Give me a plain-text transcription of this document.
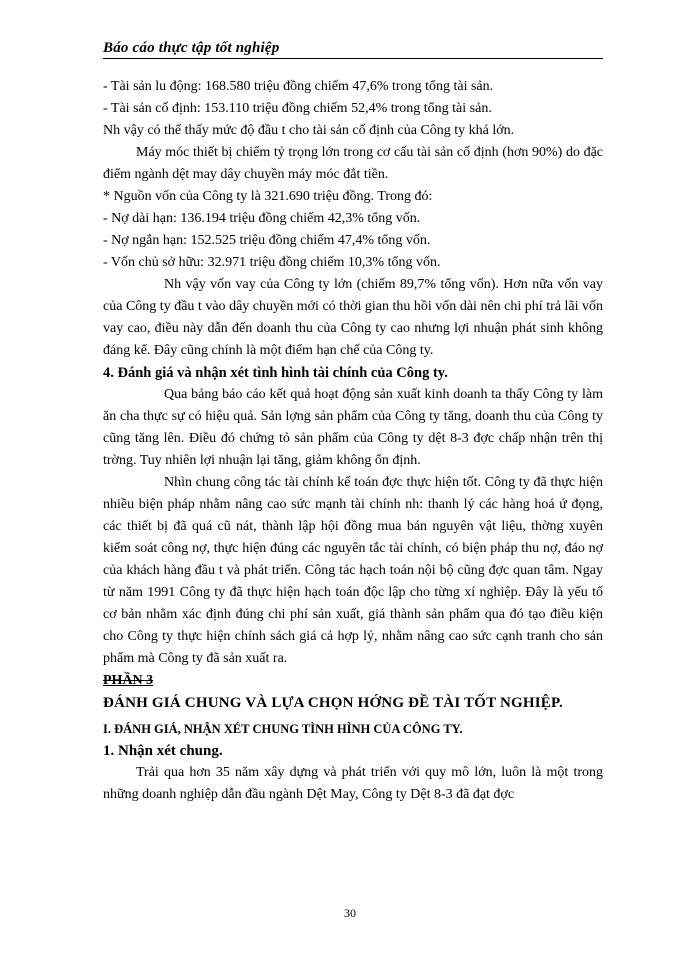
Báo cáo thực tập tốt nghiệp

- Tài sản lu động: 168.580 triệu đồng chiếm 47,6% trong tổng tài sản.

- Tài sản cố định: 153.110 triệu đồng chiếm 52,4% trong tổng tài sản.

Nh vậy có thể thấy mức độ đầu t cho tài sản cố định của Công ty khá lớn.

Máy móc thiết bị chiếm tỷ trọng lớn trong cơ cấu tài sản cố định (hơn 90%) do đặc điểm ngành dệt may dây chuyền máy móc đắt tiền.

* Nguồn vốn của Công ty là 321.690 triệu đồng. Trong đó:

- Nợ dài hạn: 136.194 triệu đồng chiếm 42,3% tổng vốn.

- Nợ ngắn hạn: 152.525 triệu đồng chiếm 47,4% tổng vốn.

- Vốn chủ sở hữu: 32.971 triệu đồng chiếm 10,3% tổng vốn.

Nh vậy vốn vay của Công ty lớn (chiếm 89,7% tổng vốn). Hơn nữa vốn vay của Công ty đầu t vào dây chuyền mới có thời gian thu hồi vốn dài nên chi phí trả lãi vốn vay cao, điều này dẫn đến doanh thu của Công ty cao nhưng lợi nhuận phát sinh không đáng kể. Đây cũng chính là một điểm hạn chế của Công ty.

4. Đánh giá và nhận xét tình hình tài chính của Công ty.

Qua bảng báo cáo kết quả hoạt động sản xuất kinh doanh ta thấy Công ty làm ăn cha thực sự có hiệu quả. Sản lợng sản phẩm của Công ty tăng, doanh thu của Công ty cũng tăng lên. Điều đó chứng tỏ sản phẩm của Công ty dệt 8-3 đợc chấp nhận trên thị trờng. Tuy nhiên lợi nhuận lại tăng, giảm không ổn định.

Nhìn chung công tác tài chính kế toán đợc thực hiện tốt. Công ty đã thực hiện nhiều biện pháp nhằm nâng cao sức mạnh tài chính nh: thanh lý các hàng hoá ứ đọng, các thiết bị đã quá cũ nát, thành lập hội đồng mua bán nguyên vật liệu, thờng xuyên kiểm soát công nợ, thực hiện đúng các nguyên tắc tài chính, có biện pháp thu nợ, đáo nợ của khách hàng đầu t và phát triển. Công tác hạch toán nội bộ cũng đợc quan tâm. Ngay từ năm 1991 Công ty đã thực hiện hạch toán độc lập cho từng xí nghiệp. Đây là yếu tố cơ bản nhằm xác định đúng chi phí sản xuất, giá thành sản phẩm qua đó tạo điều kiện cho Công ty thực hiện chính sách giá cả hợp lý, nhằm nâng cao sức cạnh tranh cho sản phẩm mà Công ty đã sản xuất ra.

PHẦN 3

ĐÁNH GIÁ CHUNG VÀ LỰA CHỌN HỚNG ĐỀ TÀI TỐT NGHIỆP.

I. ĐÁNH GIÁ, NHẬN XÉT CHUNG TÌNH HÌNH CỦA CÔNG TY.

1. Nhận xét chung.

Trải qua hơn 35 năm xây dựng và phát triển với quy mô lớn, luôn là một trong những doanh nghiệp dẫn đầu ngành Dệt May, Công ty Dệt 8-3 đã đạt đợc

30
